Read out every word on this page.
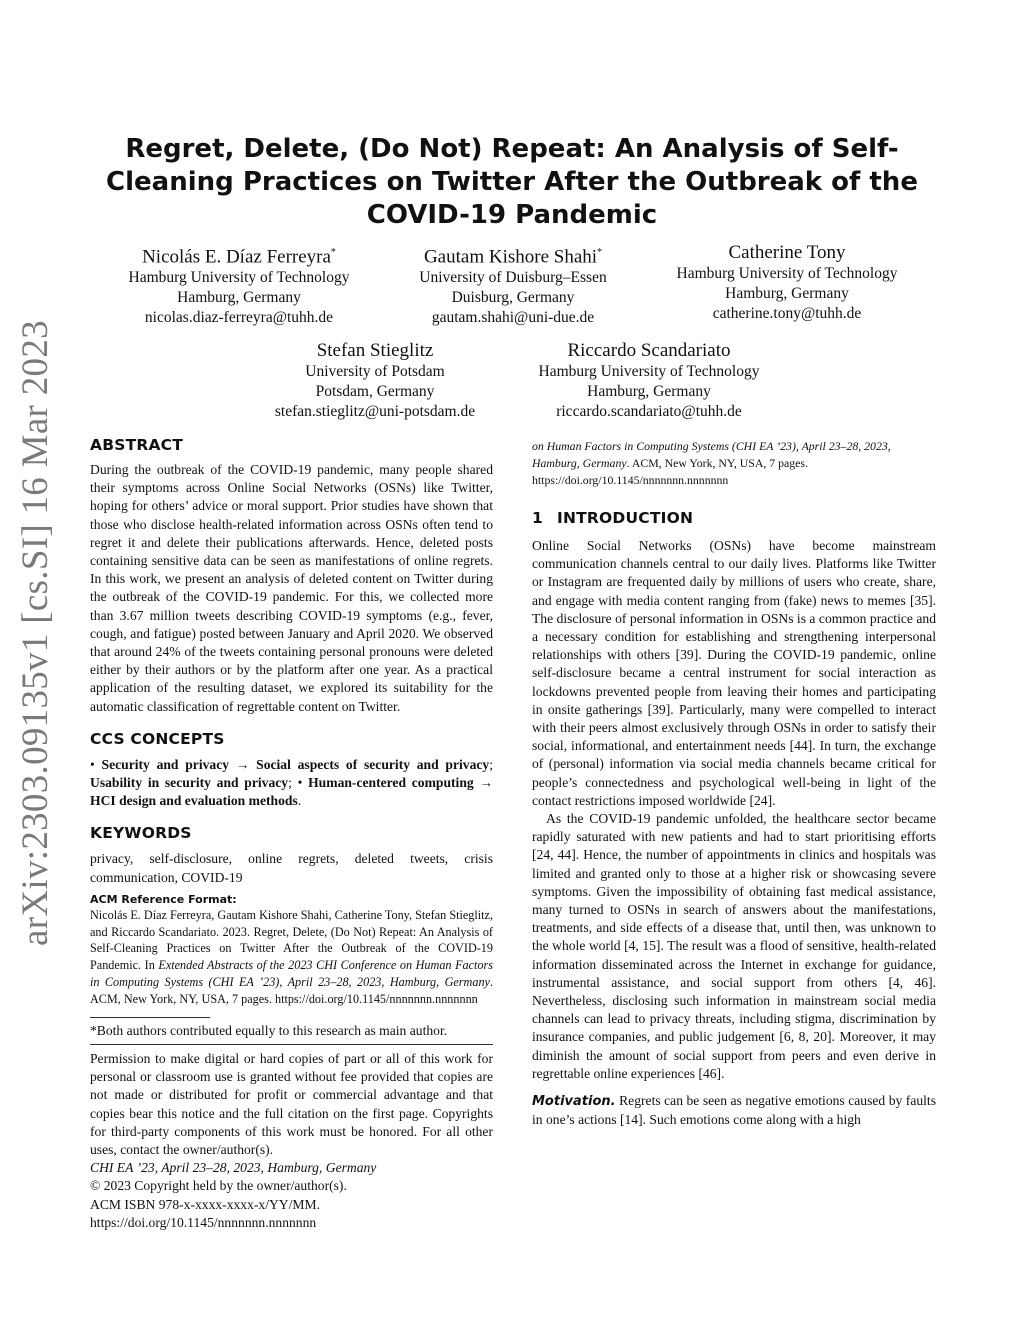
arXiv:2303.09135v1 [cs.SI] 16 Mar 2023
Regret, Delete, (Do Not) Repeat: An Analysis of Self-Cleaning Practices on Twitter After the Outbreak of the COVID-19 Pandemic
Nicolás E. Díaz Ferreyra*
Hamburg University of Technology
Hamburg, Germany
nicolas.diaz-ferreyra@tuhh.de
Gautam Kishore Shahi*
University of Duisburg–Essen
Duisburg, Germany
gautam.shahi@uni-due.de
Catherine Tony
Hamburg University of Technology
Hamburg, Germany
catherine.tony@tuhh.de
Stefan Stieglitz
University of Potsdam
Potsdam, Germany
stefan.stieglitz@uni-potsdam.de
Riccardo Scandariato
Hamburg University of Technology
Hamburg, Germany
riccardo.scandariato@tuhh.de
ABSTRACT

During the outbreak of the COVID-19 pandemic, many people shared their symptoms across Online Social Networks (OSNs) like Twitter, hoping for others’ advice or moral support. Prior studies have shown that those who disclose health-related information across OSNs often tend to regret it and delete their publications afterwards. Hence, deleted posts containing sensitive data can be seen as manifestations of online regrets. In this work, we present an analysis of deleted content on Twitter during the outbreak of the COVID-19 pandemic. For this, we collected more than 3.67 million tweets describing COVID-19 symptoms (e.g., fever, cough, and fatigue) posted between January and April 2020. We observed that around 24% of the tweets containing personal pronouns were deleted either by their authors or by the platform after one year. As a practical application of the resulting dataset, we explored its suitability for the automatic classification of regrettable content on Twitter.

CCS CONCEPTS

• Security and privacy → Social aspects of security and privacy; Usability in security and privacy; • Human-centered computing → HCI design and evaluation methods.

KEYWORDS

privacy, self-disclosure, online regrets, deleted tweets, crisis communication, COVID-19

ACM Reference Format:

Nicolás E. Díaz Ferreyra, Gautam Kishore Shahi, Catherine Tony, Stefan Stieglitz, and Riccardo Scandariato. 2023. Regret, Delete, (Do Not) Repeat: An Analysis of Self-Cleaning Practices on Twitter After the Outbreak of the COVID-19 Pandemic. In Extended Abstracts of the 2023 CHI Conference on Human Factors in Computing Systems (CHI EA ’23), April 23–28, 2023, Hamburg, Germany. ACM, New York, NY, USA, 7 pages. https://doi.org/10.1145/nnnnnnn.nnnnnnn

*Both authors contributed equally to this research as main author.

Permission to make digital or hard copies of part or all of this work for personal or classroom use is granted without fee provided that copies are not made or distributed for profit or commercial advantage and that copies bear this notice and the full citation on the first page. Copyrights for third-party components of this work must be honored. For all other uses, contact the owner/author(s).

CHI EA ’23, April 23–28, 2023, Hamburg, Germany

© 2023 Copyright held by the owner/author(s).

ACM ISBN 978-x-xxxx-xxxx-x/YY/MM.

https://doi.org/10.1145/nnnnnnn.nnnnnnn

on Human Factors in Computing Systems (CHI EA ’23), April 23–28, 2023, Hamburg, Germany. ACM, New York, NY, USA, 7 pages. https://doi.org/10.1145/nnnnnnn.nnnnnnn

1 INTRODUCTION

Online Social Networks (OSNs) have become mainstream communication channels central to our daily lives. Platforms like Twitter or Instagram are frequented daily by millions of users who create, share, and engage with media content ranging from (fake) news to memes [35]. The disclosure of personal information in OSNs is a common practice and a necessary condition for establishing and strengthening interpersonal relationships with others [39]. During the COVID-19 pandemic, online self-disclosure became a central instrument for social interaction as lockdowns prevented people from leaving their homes and participating in onsite gatherings [39]. Particularly, many were compelled to interact with their peers almost exclusively through OSNs in order to satisfy their social, informational, and entertainment needs [44]. In turn, the exchange of (personal) information via social media channels became critical for people’s connectedness and psychological well-being in light of the contact restrictions imposed worldwide [24].

As the COVID-19 pandemic unfolded, the healthcare sector became rapidly saturated with new patients and had to start prioritising efforts [24, 44]. Hence, the number of appointments in clinics and hospitals was limited and granted only to those at a higher risk or showcasing severe symptoms. Given the impossibility of obtaining fast medical assistance, many turned to OSNs in search of answers about the manifestations, treatments, and side effects of a disease that, until then, was unknown to the whole world [4, 15]. The result was a flood of sensitive, health-related information disseminated across the Internet in exchange for guidance, instrumental assistance, and social support from others [4, 46]. Nevertheless, disclosing such information in mainstream social media channels can lead to privacy threats, including stigma, discrimination by insurance companies, and public judgement [6, 8, 20]. Moreover, it may diminish the amount of social support from peers and even derive in regrettable online experiences [46].

Motivation. Regrets can be seen as negative emotions caused by faults in one’s actions [14]. Such emotions come along with a high
